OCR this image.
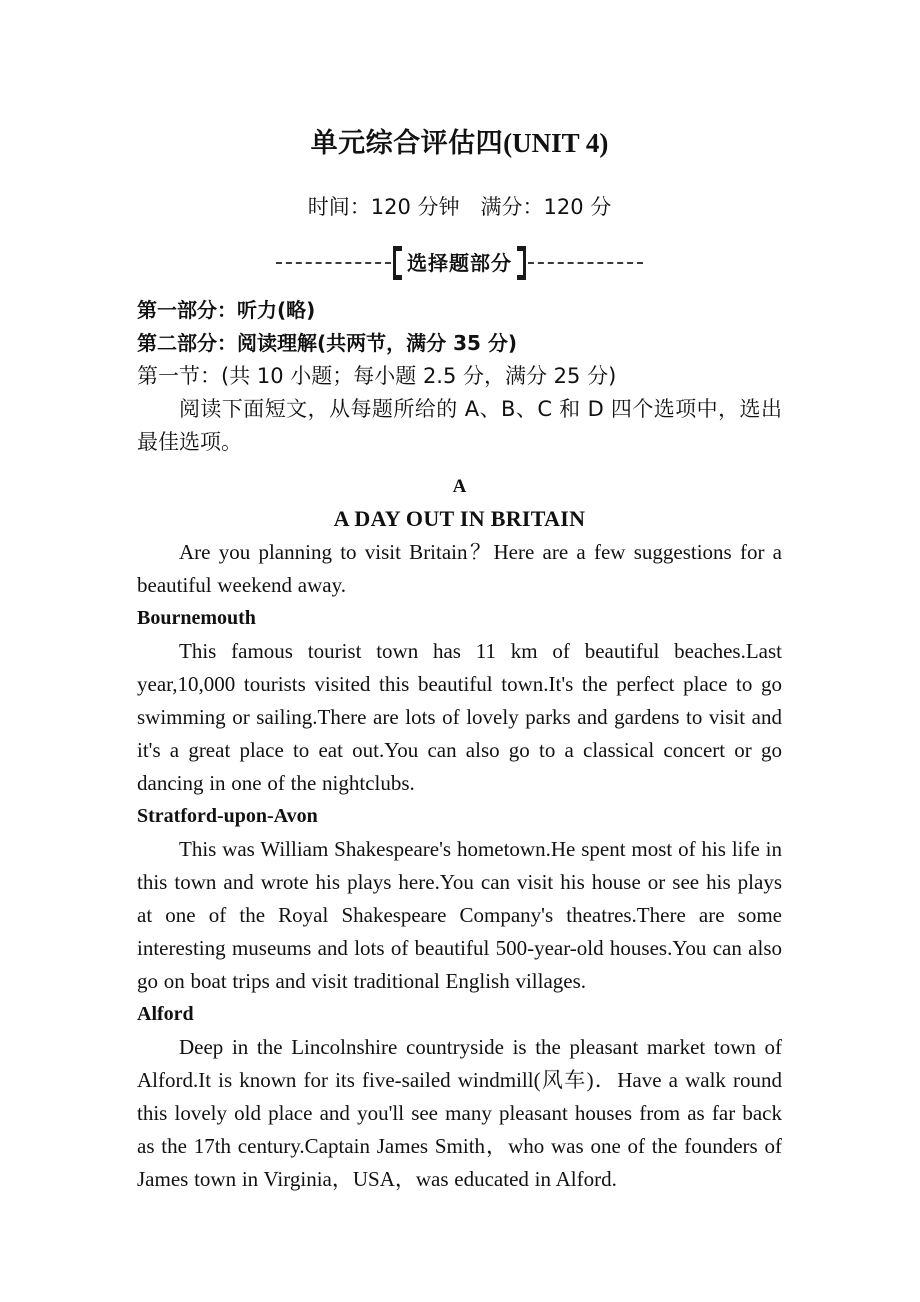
单元综合评估四(UNIT 4)

时间：120 分钟　满分：120 分

选择题部分

第一部分：听力(略)

第二部分：阅读理解(共两节，满分 35 分)

第一节：(共 10 小题；每小题 2.5 分，满分 25 分)

阅读下面短文，从每题所给的 A、B、C 和 D 四个选项中，选出最佳选项。

A

A DAY OUT IN BRITAIN

Are you planning to visit Britain？Here are a few suggestions for a beautiful weekend away.

Bournemouth

This famous tourist town has 11 km of beautiful beaches.Last year,10,000 tourists visited this beautiful town.It's the perfect place to go swimming or sailing.There are lots of lovely parks and gardens to visit and it's a great place to eat out.You can also go to a classical concert or go dancing in one of the nightclubs.

Stratford-upon-Avon

This was William Shakespeare's hometown.He spent most of his life in this town and wrote his plays here.You can visit his house or see his plays at one of the Royal Shakespeare Company's theatres.There are some interesting museums and lots of beautiful 500-year-old houses.You can also go on boat trips and visit traditional English villages.

Alford

Deep in the Lincolnshire countryside is the pleasant market town of Alford.It is known for its five-sailed windmill(风车)．Have a walk round this lovely old place and you'll see many pleasant houses from as far back as the 17th century.Captain James Smith，who was one of the founders of James town in Virginia，USA，was educated in Alford.
